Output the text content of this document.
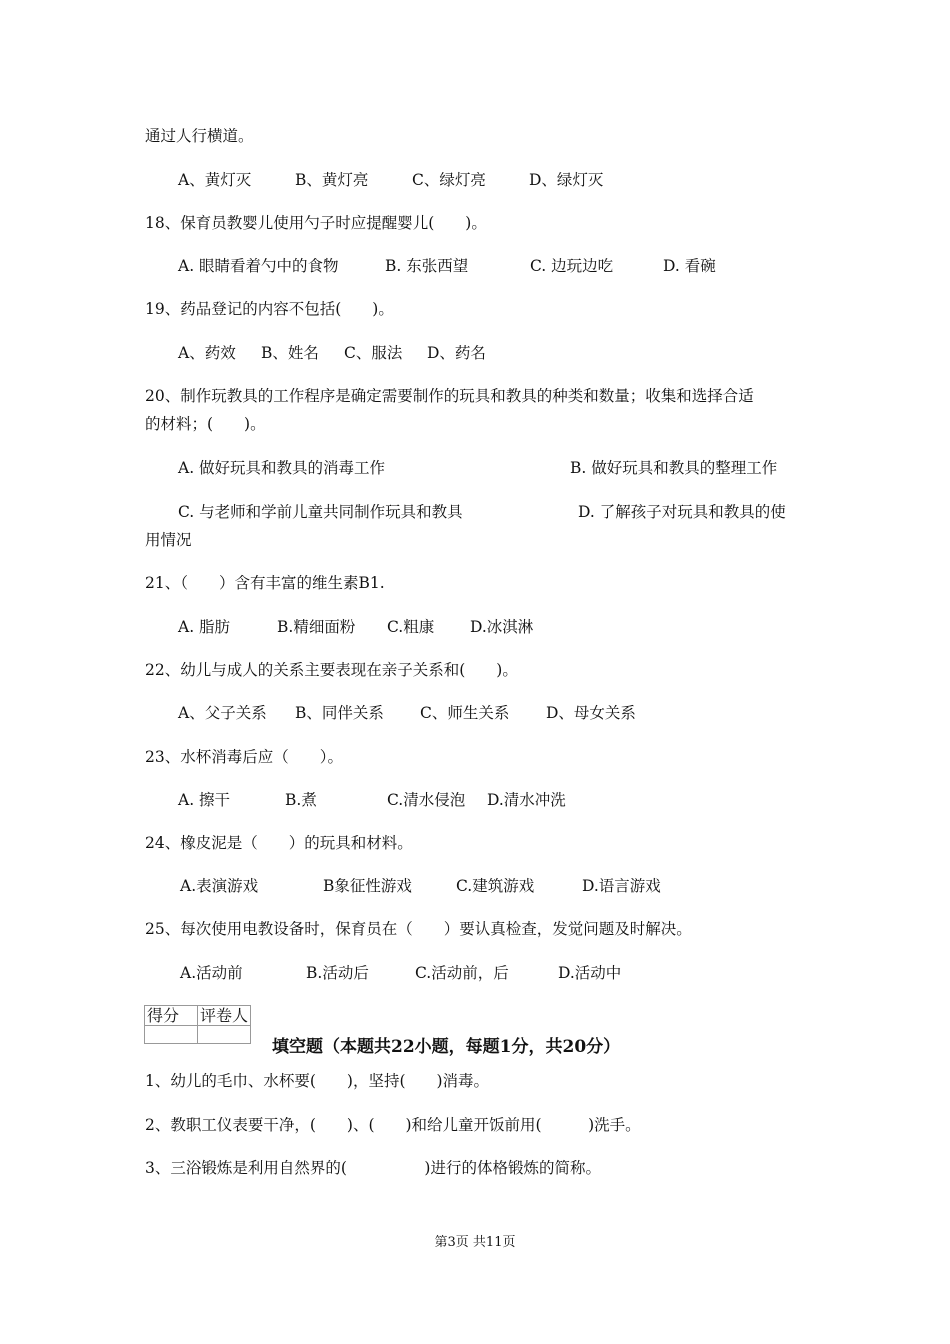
通过人行横道。
A、黄灯灭	B、黄灯亮	C、绿灯亮	D、绿灯灭
18、保育员教婴儿使用勺子时应提醒婴儿(　　)。
A. 眼睛看着勺中的食物	B. 东张西望	C. 边玩边吃	D. 看碗
19、药品登记的内容不包括(　　)。
A、药效 B、姓名 C、服法 D、药名
20、制作玩教具的工作程序是确定需要制作的玩具和教具的种类和数量；收集和选择合适
的材料；(　　)。
A. 做好玩具和教具的消毒工作	B. 做好玩具和教具的整理工作
C. 与老师和学前儿童共同制作玩具和教具	D. 了解孩子对玩具和教具的使
用情况
21、（　　）含有丰富的维生素B1.
A. 脂肪	B.精细面粉 C.粗康 D.冰淇淋
22、幼儿与成人的关系主要表现在亲子关系和(　　)。
A、父子关系 B、同伴关系 C、师生关系 D、母女关系
23、水杯消毒后应（　　）。
A. 擦干	B.煮	C.清水侵泡 D.清水冲洗
24、橡皮泥是（　　）的玩具和材料。
A.表演游戏	B象征性游戏	C.建筑游戏	D.语言游戏
25、每次使用电教设备时，保育员在（　　）要认真检查，发觉问题及时解决。
A.活动前	B.活动后	C.活动前，后	D.活动中
得分	评卷人

填空题（本题共22小题，每题1分，共20分）
1、幼儿的毛巾、水杯要(　　)，坚持(　　)消毒。
2、教职工仪表要干净，(　　)、(　　)和给儿童开饭前用(　　　)洗手。
3、三浴锻炼是利用自然界的(　　　　　)进行的体格锻炼的简称。
第3页 共11页
